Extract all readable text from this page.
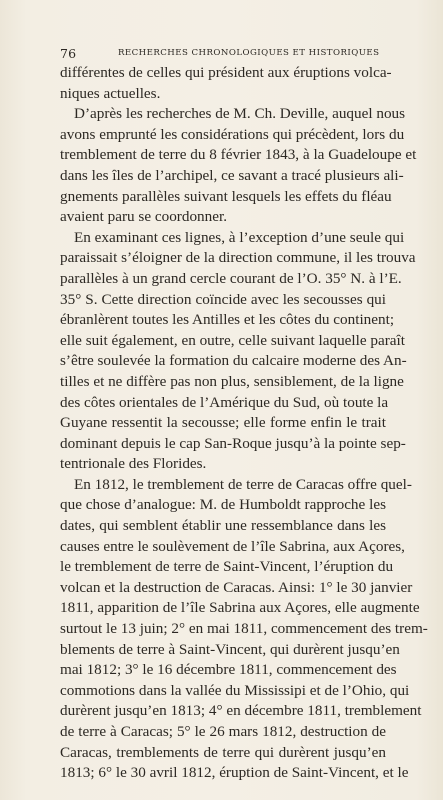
76	RECHERCHES CHRONOLOGIQUES ET HISTORIQUES
différentes de celles qui président aux éruptions volca-
niques actuelles.
D’après les recherches de M. Ch. Deville, auquel nous
avons emprunté les considérations qui précèdent, lors du
tremblement de terre du 8 février 1843, à la Guadeloupe et
dans les îles de l’archipel, ce savant a tracé plusieurs ali-
gnements parallèles suivant lesquels les effets du fléau
avaient paru se coordonner.
En examinant ces lignes, à l’exception d’une seule qui
paraissait s’éloigner de la direction commune, il les trouva
parallèles à un grand cercle courant de l’O. 35° N. à l’E.
35° S. Cette direction coïncide avec les secousses qui
ébranlèrent toutes les Antilles et les côtes du continent;
elle suit également, en outre, celle suivant laquelle paraît
s’être soulevée la formation du calcaire moderne des An-
tilles et ne diffère pas non plus, sensiblement, de la ligne
des côtes orientales de l’Amérique du Sud, où toute la
Guyane ressentit la secousse; elle forme enfin le trait
dominant depuis le cap San-Roque jusqu’à la pointe sep-
tentrionale des Florides.
En 1812, le tremblement de terre de Caracas offre quel-
que chose d’analogue: M. de Humboldt rapproche les
dates, qui semblent établir une ressemblance dans les
causes entre le soulèvement de l’île Sabrina, aux Açores,
le tremblement de terre de Saint-Vincent, l’éruption du
volcan et la destruction de Caracas. Ainsi: 1° le 30 janvier
1811, apparition de l’île Sabrina aux Açores, elle augmente
surtout le 13 juin; 2° en mai 1811, commencement des trem-
blements de terre à Saint-Vincent, qui durèrent jusqu’en
mai 1812; 3° le 16 décembre 1811, commencement des
commotions dans la vallée du Mississipi et de l’Ohio, qui
durèrent jusqu’en 1813; 4° en décembre 1811, tremblement
de terre à Caracas; 5° le 26 mars 1812, destruction de
Caracas, tremblements de terre qui durèrent jusqu’en
1813; 6° le 30 avril 1812, éruption de Saint-Vincent, et le
